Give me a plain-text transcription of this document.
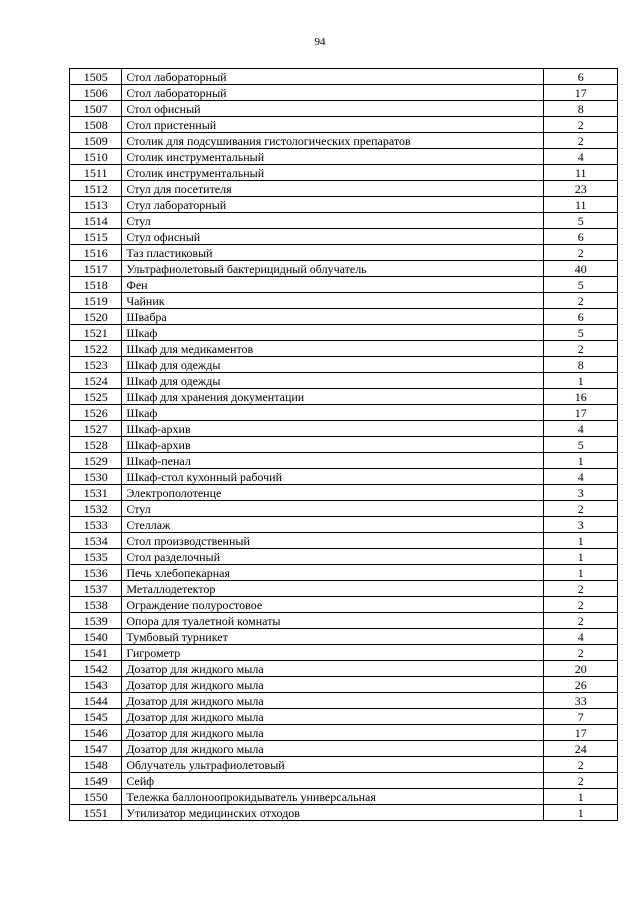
94
1505	Стол лабораторный	6
1506	Стол лабораторный	17
1507	Стол офисный	8
1508	Стол пристенный	2
1509	Столик для подсушивания гистологических препаратов	2
1510	Столик инструментальный	4
1511	Столик инструментальный	11
1512	Стул для посетителя	23
1513	Стул лабораторный	11
1514	Стул	5
1515	Стул офисный	6
1516	Таз пластиковый	2
1517	Ультрафиолетовый бактерицидный облучатель	40
1518	Фен	5
1519	Чайник	2
1520	Швабра	6
1521	Шкаф	5
1522	Шкаф для медикаментов	2
1523	Шкаф для одежды	8
1524	Шкаф для одежды	1
1525	Шкаф для хранения документации	16
1526	Шкаф	17
1527	Шкаф-архив	4
1528	Шкаф-архив	5
1529	Шкаф-пенал	1
1530	Шкаф-стол кухонный рабочий	4
1531	Электрополотенце	3
1532	Стул	2
1533	Стеллаж	3
1534	Стол производственный	1
1535	Стол разделочный	1
1536	Печь хлебопекарная	1
1537	Металлодетектор	2
1538	Ограждение полуростовое	2
1539	Опора для туалетной комнаты	2
1540	Тумбовый турникет	4
1541	Гигрометр	2
1542	Дозатор для жидкого мыла	20
1543	Дозатор для жидкого мыла	26
1544	Дозатор для жидкого мыла	33
1545	Дозатор для жидкого мыла	7
1546	Дозатор для жидкого мыла	17
1547	Дозатор для жидкого мыла	24
1548	Облучатель ультрафиолетовый	2
1549	Сейф	2
1550	Тележка баллоноопрокидыватель универсальная	1
1551	Утилизатор медицинских отходов	1
